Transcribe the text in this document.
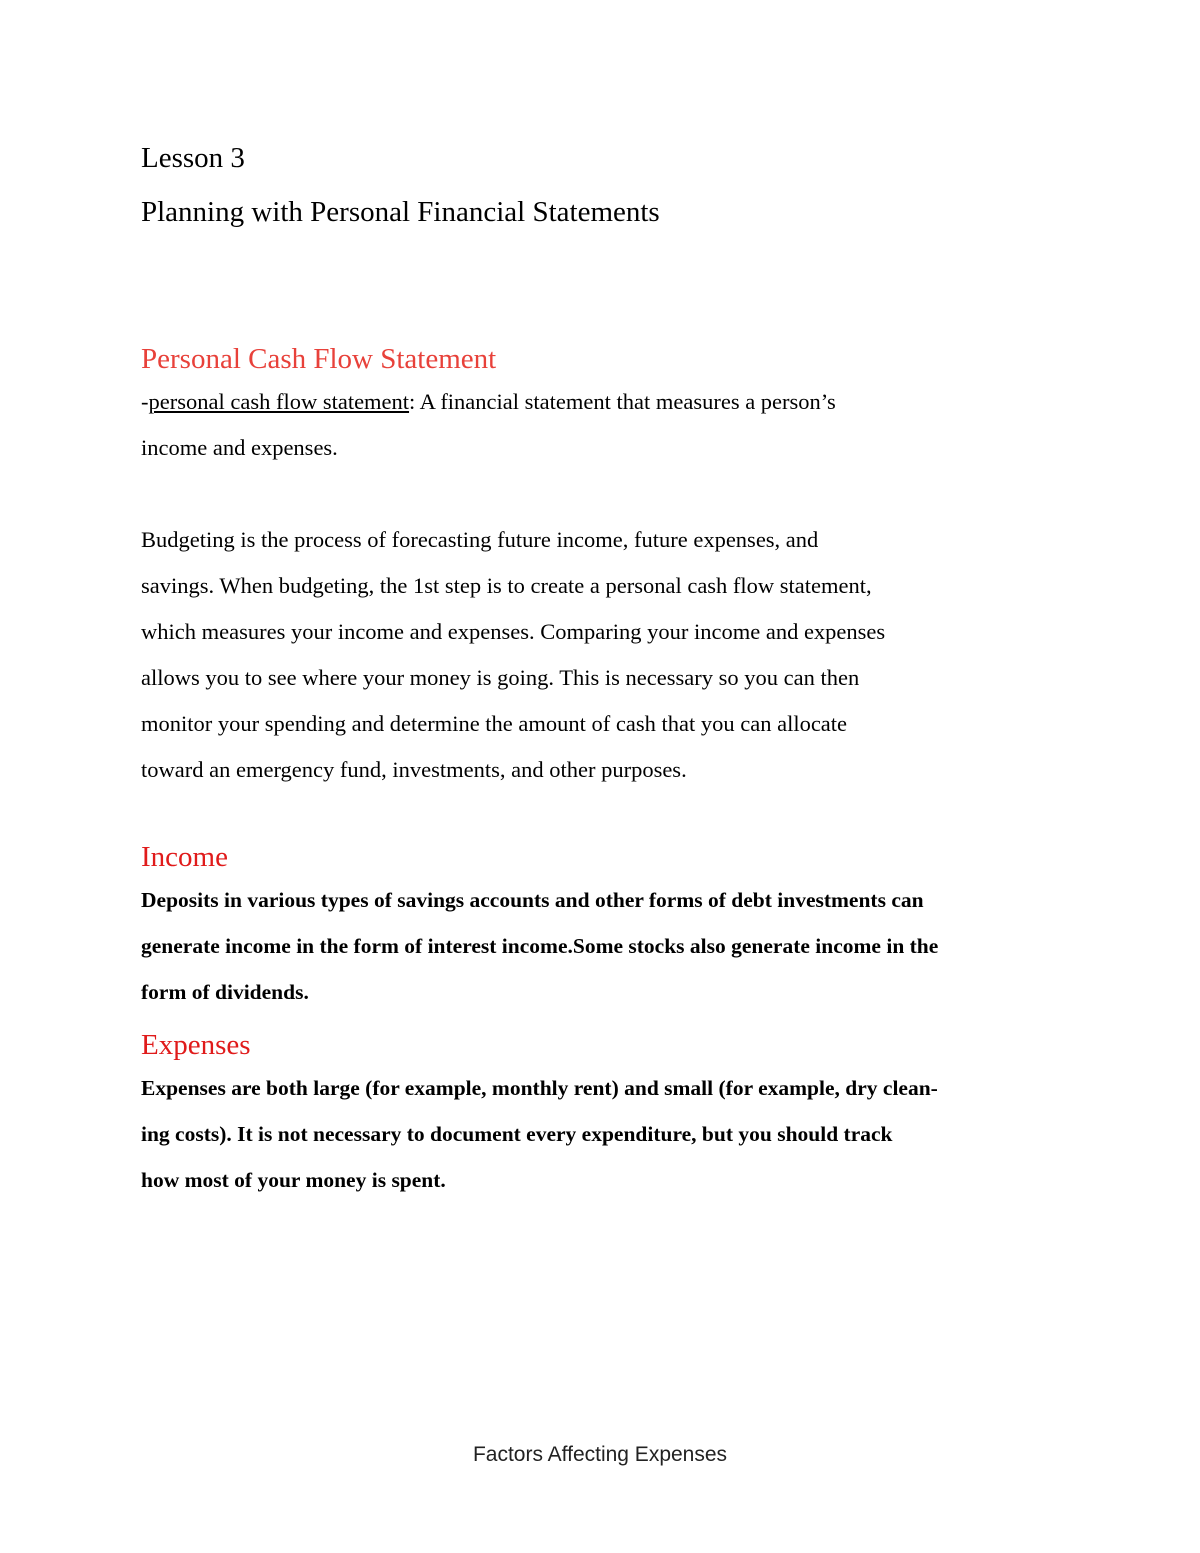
Lesson 3
Planning with Personal Financial Statements
Personal Cash Flow Statement

-personal cash flow statement: A financial statement that measures a person’s
income and expenses.

Budgeting is the process of forecasting future income, future expenses, and
savings. When budgeting, the 1st step is to create a personal cash flow statement,
which measures your income and expenses. Comparing your income and expenses
allows you to see where your money is going. This is necessary so you can then
monitor your spending and determine the amount of cash that you can allocate
toward an emergency fund, investments, and other purposes.

Income

Deposits in various types of savings accounts and other forms of debt investments can
generate income in the form of interest income.Some stocks also generate income in the
form of dividends.

Expenses

Expenses are both large (for example, monthly rent) and small (for example, dry clean-
ing costs). It is not necessary to document every expenditure, but you should track
how most of your money is spent.

Factors Affecting Expenses
